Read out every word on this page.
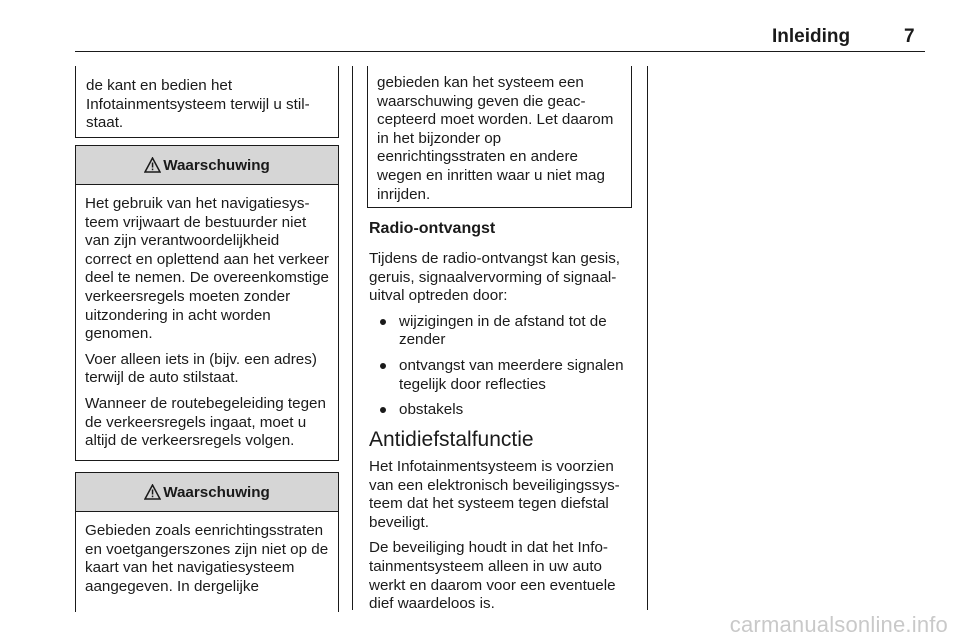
Inleiding	7

de kant en bedien het Infotainmentsysteem terwijl u stilstaat.

Waarschuwing

Het gebruik van het navigatiesysteem vrijwaart de bestuurder niet van zijn verantwoordelijkheid correct en oplettend aan het verkeer deel te nemen. De overeenkomstige verkeersregels moeten zonder uitzondering in acht worden genomen.

Voer alleen iets in (bijv. een adres) terwijl de auto stilstaat.

Wanneer de routebegeleiding tegen de verkeersregels ingaat, moet u altijd de verkeersregels volgen.

Waarschuwing

Gebieden zoals eenrichtingsstraten en voetgangerszones zijn niet op de kaart van het navigatiesysteem aangegeven. In dergelijke

gebieden kan het systeem een waarschuwing geven die geaccepteerd moet worden. Let daarom in het bijzonder op eenrichtingsstraten en andere wegen en inritten waar u niet mag inrijden.

Radio-ontvangst

Tijdens de radio-ontvangst kan gesis, geruis, signaalvervorming of signaaluitval optreden door:

wijzigingen in de afstand tot de zender
ontvangst van meerdere signalen tegelijk door reflecties
obstakels
Antidiefstalfunctie

Het Infotainmentsysteem is voorzien van een elektronisch beveiligingssysteem dat het systeem tegen diefstal beveiligt.

De beveiliging houdt in dat het Infotainmentsysteem alleen in uw auto werkt en daarom voor een eventuele dief waardeloos is.

carmanualsonline.info
